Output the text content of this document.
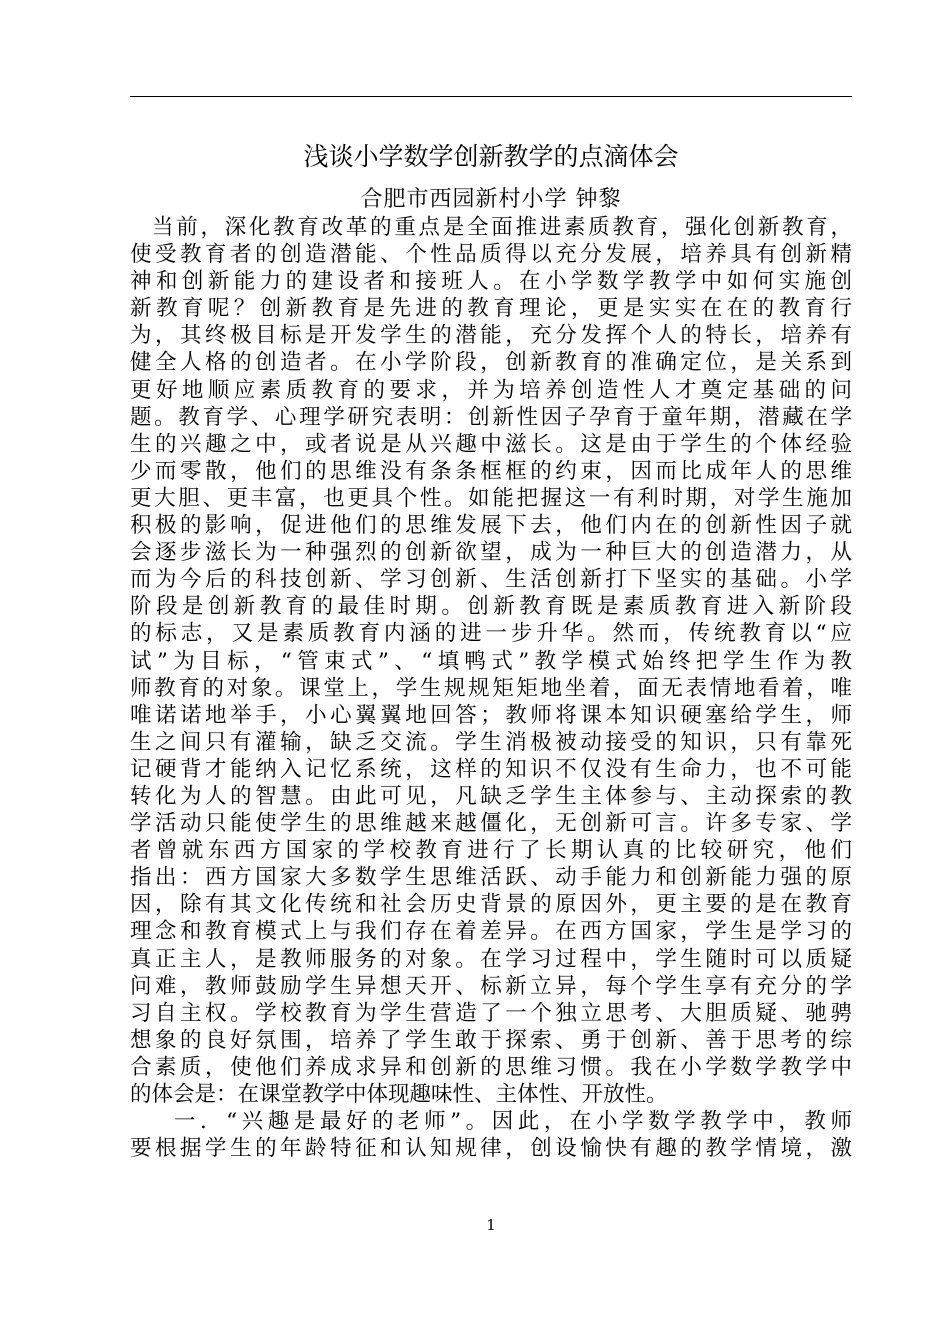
浅谈小学数学创新教学的点滴体会
合肥市西园新村小学 钟黎
当前，深化教育改革的重点是全面推进素质教育，强化创新教育，
使受教育者的创造潜能、个性品质得以充分发展，培养具有创新精
神和创新能力的建设者和接班人。在小学数学教学中如何实施创
新教育呢？创新教育是先进的教育理论，更是实实在在的教育行
为，其终极目标是开发学生的潜能，充分发挥个人的特长，培养有
健全人格的创造者。在小学阶段，创新教育的准确定位，是关系到
更好地顺应素质教育的要求，并为培养创造性人才奠定基础的问
题。教育学、心理学研究表明：创新性因子孕育于童年期，潜藏在学
生的兴趣之中，或者说是从兴趣中滋长。这是由于学生的个体经验
少而零散，他们的思维没有条条框框的约束，因而比成年人的思维
更大胆、更丰富，也更具个性。如能把握这一有利时期，对学生施加
积极的影响，促进他们的思维发展下去，他们内在的创新性因子就
会逐步滋长为一种强烈的创新欲望，成为一种巨大的创造潜力，从
而为今后的科技创新、学习创新、生活创新打下坚实的基础。小学
阶段是创新教育的最佳时期。创新教育既是素质教育进入新阶段
的标志，又是素质教育内涵的进一步升华。然而，传统教育以“应
试”为目标，“管束式”、“填鸭式”教学模式始终把学生作为教
师教育的对象。课堂上，学生规规矩矩地坐着，面无表情地看着，唯
唯诺诺地举手，小心翼翼地回答；教师将课本知识硬塞给学生，师
生之间只有灌输，缺乏交流。学生消极被动接受的知识，只有靠死
记硬背才能纳入记忆系统，这样的知识不仅没有生命力，也不可能
转化为人的智慧。由此可见，凡缺乏学生主体参与、主动探索的教
学活动只能使学生的思维越来越僵化，无创新可言。许多专家、学
者曾就东西方国家的学校教育进行了长期认真的比较研究，他们
指出：西方国家大多数学生思维活跃、动手能力和创新能力强的原
因，除有其文化传统和社会历史背景的原因外，更主要的是在教育
理念和教育模式上与我们存在着差异。在西方国家，学生是学习的
真正主人，是教师服务的对象。在学习过程中，学生随时可以质疑
问难，教师鼓励学生异想天开、标新立异，每个学生享有充分的学
习自主权。学校教育为学生营造了一个独立思考、大胆质疑、驰骋
想象的良好氛围，培养了学生敢于探索、勇于创新、善于思考的综
合素质，使他们养成求异和创新的思维习惯。我在小学数学教学中
的体会是：在课堂教学中体现趣味性、主体性、开放性。
一．“兴趣是最好的老师”。因此，在小学数学教学中，教师
要根据学生的年龄特征和认知规律，创设愉快有趣的教学情境，激
1
